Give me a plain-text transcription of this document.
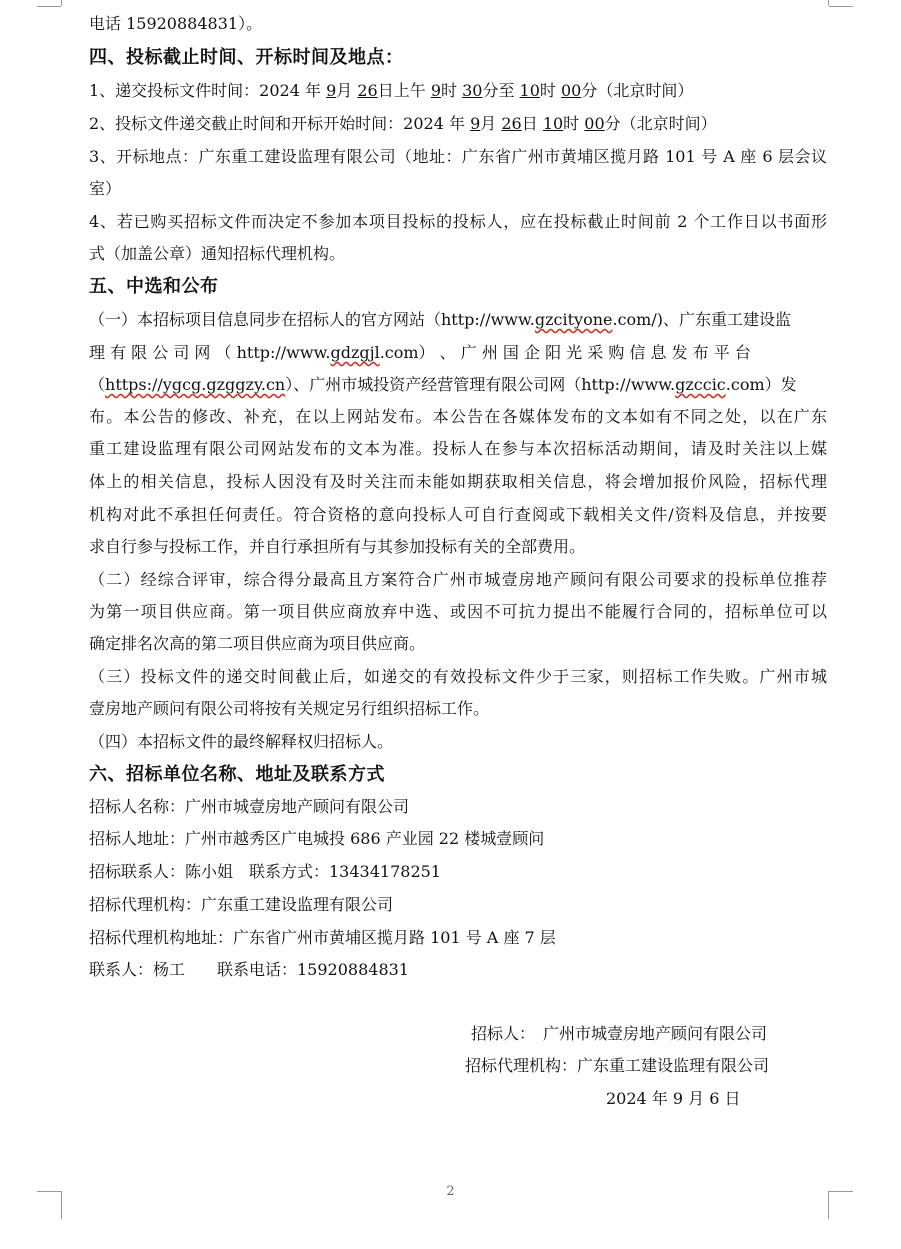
电话 15920884831）。
四、投标截止时间、开标时间及地点：
1、递交投标文件时间：2024 年 9月 26日上午 9时 30分至 10时 00分（北京时间）
2、投标文件递交截止时间和开标开始时间：2024 年 9月 26日 10时 00分（北京时间）
3、开标地点：广东重工建设监理有限公司（地址：广东省广州市黄埔区揽月路 101 号 A 座 6 层会议
室）
4、若已购买招标文件而决定不参加本项目投标的投标人，应在投标截止时间前 2 个工作日以书面形
式（加盖公章）通知招标代理机构。
五、中选和公布
（一）本招标项目信息同步在招标人的官方网站（http://www.gzcityone.com/)、广东重工建设监
理 有 限 公 司 网 （ http://www.gdzgjl.com） 、 广 州 国 企 阳 光 采 购 信 息 发 布 平 台
（https://ygcg.gzggzy.cn）、广州市城投资产经营管理有限公司网（http://www.gzccic.com）发
布。本公告的修改、补充，在以上网站发布。本公告在各媒体发布的文本如有不同之处，以在广东
重工建设监理有限公司网站发布的文本为准。投标人在参与本次招标活动期间，请及时关注以上媒
体上的相关信息，投标人因没有及时关注而未能如期获取相关信息，将会增加报价风险，招标代理
机构对此不承担任何责任。符合资格的意向投标人可自行查阅或下载相关文件/资料及信息，并按要
求自行参与投标工作，并自行承担所有与其参加投标有关的全部费用。
（二）经综合评审，综合得分最高且方案符合广州市城壹房地产顾问有限公司要求的投标单位推荐
为第一项目供应商。第一项目供应商放弃中选、或因不可抗力提出不能履行合同的，招标单位可以
确定排名次高的第二项目供应商为项目供应商。
（三）投标文件的递交时间截止后，如递交的有效投标文件少于三家，则招标工作失败。广州市城
壹房地产顾问有限公司将按有关规定另行组织招标工作。
（四）本招标文件的最终解释权归招标人。
六、招标单位名称、地址及联系方式
招标人名称：广州市城壹房地产顾问有限公司
招标人地址：广州市越秀区广电城投 686 产业园 22 楼城壹顾问
招标联系人：陈小姐　联系方式：13434178251
招标代理机构：广东重工建设监理有限公司
招标代理机构地址：广东省广州市黄埔区揽月路 101 号 A 座 7 层
联系人：杨工　　联系电话：15920884831
招标人：　广州市城壹房地产顾问有限公司
招标代理机构：广东重工建设监理有限公司
2024 年 9 月 6 日
2
